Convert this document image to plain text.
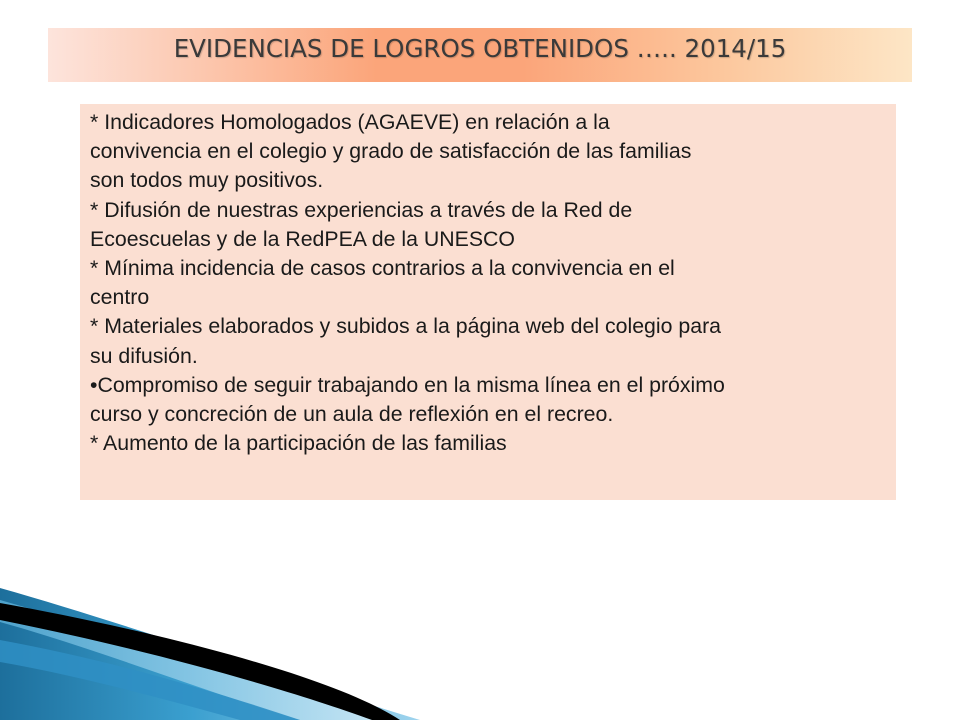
EVIDENCIAS DE LOGROS OBTENIDOS ….. 2014/15
* Indicadores Homologados (AGAEVE) en relación a la
convivencia en el colegio y grado de satisfacción de las familias
son todos muy positivos.
* Difusión de nuestras experiencias a través de la Red de
Ecoescuelas y de la RedPEA de la UNESCO
* Mínima incidencia de casos contrarios a la convivencia en el
centro
* Materiales elaborados y subidos a la página web del colegio para
su difusión.
•Compromiso de seguir trabajando en la misma línea en el próximo
curso y concreción de un aula de reflexión en el recreo.
* Aumento de la participación de las familias
